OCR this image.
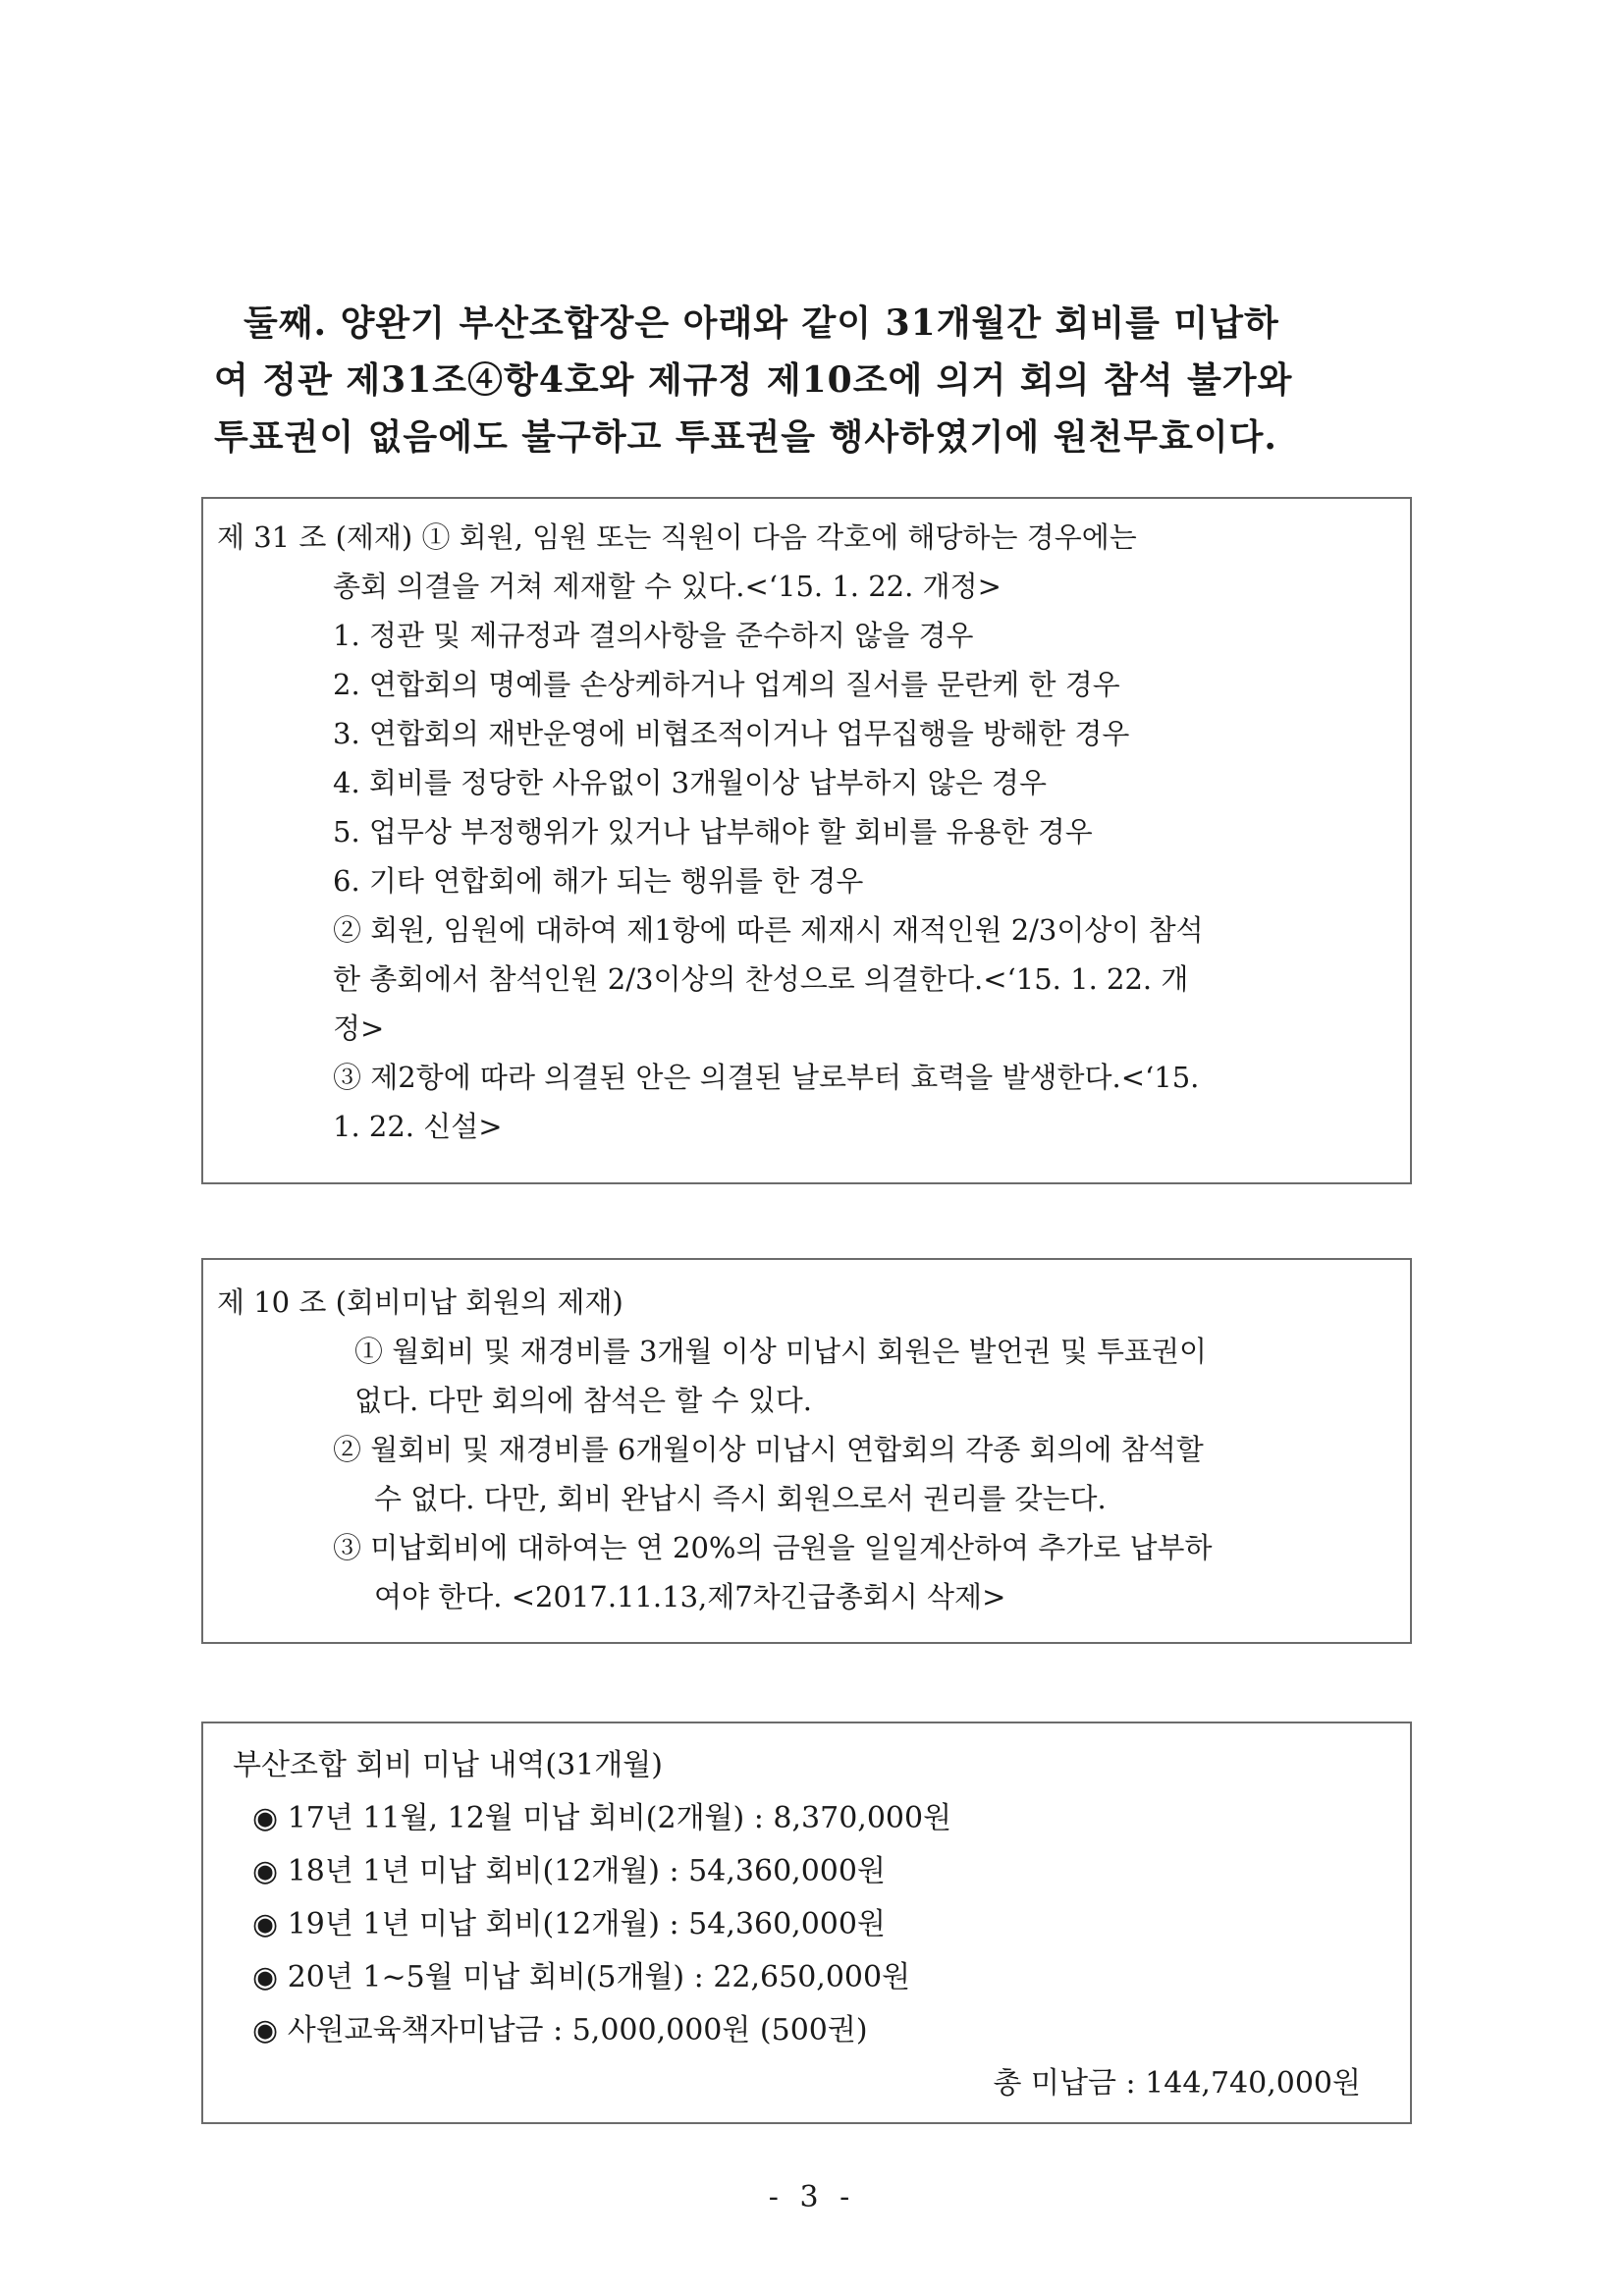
둘째. 양완기 부산조합장은 아래와 같이 31개월간 회비를 미납하
여 정관 제31조④항4호와 제규정 제10조에 의거 회의 참석 불가와
투표권이 없음에도 불구하고 투표권을 행사하였기에 원천무효이다.
제 31 조 (제재) ① 회원, 임원 또는 직원이 다음 각호에 해당하는 경우에는
총회 의결을 거쳐 제재할 수 있다.<‘15. 1. 22. 개정>
1. 정관 및 제규정과 결의사항을 준수하지 않을 경우
2. 연합회의 명예를 손상케하거나 업계의 질서를 문란케 한 경우
3. 연합회의 재반운영에 비협조적이거나 업무집행을 방해한 경우
4. 회비를 정당한 사유없이 3개월이상 납부하지 않은 경우
5. 업무상 부정행위가 있거나 납부해야 할 회비를 유용한 경우
6. 기타 연합회에 해가 되는 행위를 한 경우
② 회원, 임원에 대하여 제1항에 따른 제재시 재적인원 2/3이상이 참석
한 총회에서 참석인원 2/3이상의 찬성으로 의결한다.<‘15. 1. 22. 개
정>
③ 제2항에 따라 의결된 안은 의결된 날로부터 효력을 발생한다.<‘15.
1. 22. 신설>
제 10 조 (회비미납 회원의 제재)
① 월회비 및 재경비를 3개월 이상 미납시 회원은 발언권 및 투표권이
없다. 다만 회의에 참석은 할 수 있다.
② 월회비 및 재경비를 6개월이상 미납시 연합회의 각종 회의에 참석할
수 없다. 다만, 회비 완납시 즉시 회원으로서 권리를 갖는다.
③ 미납회비에 대하여는 연 20%의 금원을 일일계산하여 추가로 납부하
여야 한다. <2017.11.13,제7차긴급총회시 삭제>
부산조합 회비 미납 내역(31개월)
◉ 17년 11월, 12월 미납 회비(2개월) : 8,370,000원
◉ 18년 1년 미납 회비(12개월) : 54,360,000원
◉ 19년 1년 미납 회비(12개월) : 54,360,000원
◉ 20년 1~5월 미납 회비(5개월) : 22,650,000원
◉ 사원교육책자미납금 : 5,000,000원 (500권)
총 미납금 : 144,740,000원
- 3 -
